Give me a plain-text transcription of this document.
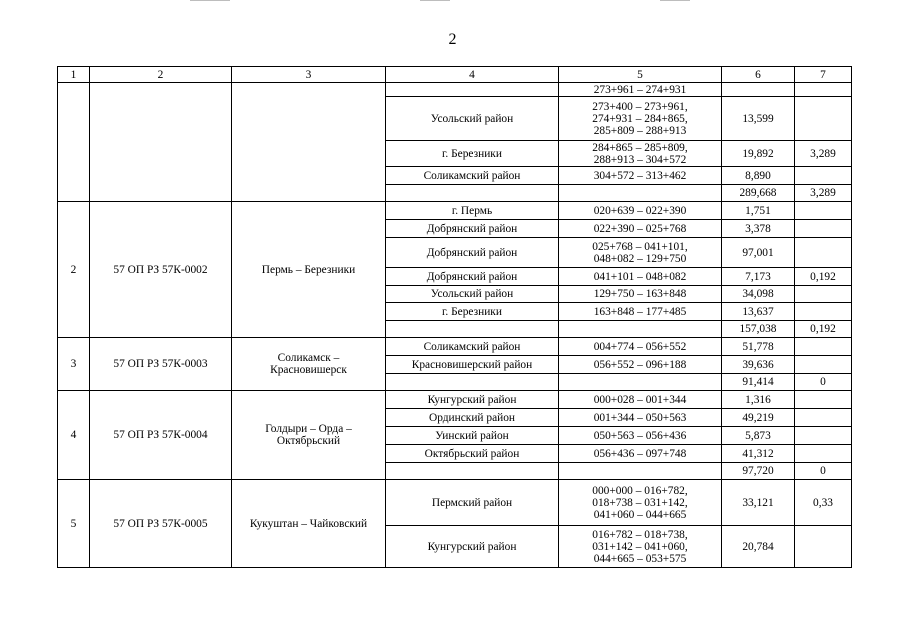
2
1	2	3	4	5	6	7
				273+961 – 274+931		
			Усольский район	273+400 – 273+961,
274+931 – 284+865,
285+809 – 288+913	13,599	
			г. Березники	284+865 – 285+809,
288+913 – 304+572	19,892	3,289
			Соликамский район	304+572 – 313+462	8,890	
					289,668	3,289
2	57 ОП РЗ 57К-0002	Пермь – Березники	г. Пермь	020+639 – 022+390	1,751	
			Добрянский район	022+390 – 025+768	3,378	
			Добрянский район	025+768 – 041+101,
048+082 – 129+750	97,001	
			Добрянский район	041+101 – 048+082	7,173	0,192
			Усольский район	129+750 – 163+848	34,098	
			г. Березники	163+848 – 177+485	13,637	
					157,038	0,192
3	57 ОП РЗ 57К-0003	Соликамск –
Красновишерск	Соликамский район	004+774 – 056+552	51,778	
			Красновишерский район	056+552 – 096+188	39,636	
					91,414	0
4	57 ОП РЗ 57К-0004	Голдыри – Орда –
Октябрьский	Кунгурский район	000+028 – 001+344	1,316	
			Ординский район	001+344 – 050+563	49,219	
			Уинский район	050+563 – 056+436	5,873	
			Октябрьский район	056+436 – 097+748	41,312	
					97,720	0
5	57 ОП РЗ 57К-0005	Кукуштан – Чайковский	Пермский район	000+000 – 016+782,
018+738 – 031+142,
041+060 – 044+665	33,121	0,33
			Кунгурский район	016+782 – 018+738,
031+142 – 041+060,
044+665 – 053+575	20,784	
